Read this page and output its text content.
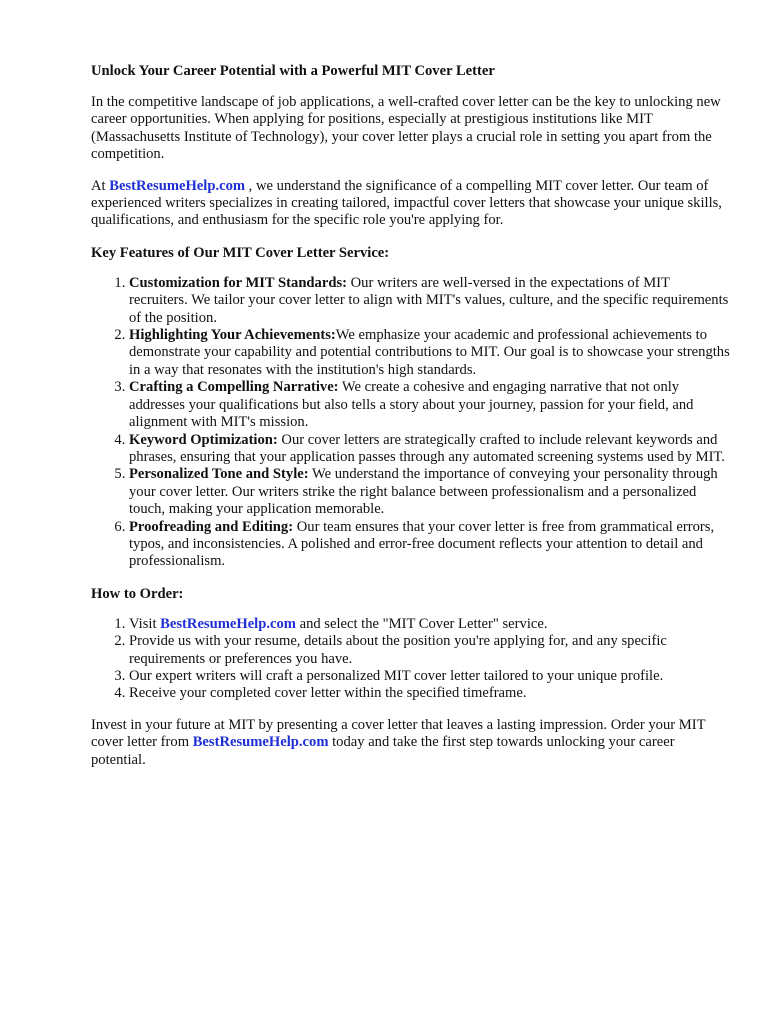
Unlock Your Career Potential with a Powerful MIT Cover Letter

In the competitive landscape of job applications, a well-crafted cover letter can be the key to unlocking new career opportunities. When applying for positions, especially at prestigious institutions like MIT (Massachusetts Institute of Technology), your cover letter plays a crucial role in setting you apart from the competition.

At BestResumeHelp.com , we understand the significance of a compelling MIT cover letter. Our team of experienced writers specializes in creating tailored, impactful cover letters that showcase your unique skills, qualifications, and enthusiasm for the specific role you're applying for.

Key Features of Our MIT Cover Letter Service:
1. Customization for MIT Standards: Our writers are well-versed in the expectations of MIT recruiters. We tailor your cover letter to align with MIT's values, culture, and the specific requirements of the position.
2. Highlighting Your Achievements:We emphasize your academic and professional achievements to demonstrate your capability and potential contributions to MIT. Our goal is to showcase your strengths in a way that resonates with the institution's high standards.
3. Crafting a Compelling Narrative: We create a cohesive and engaging narrative that not only addresses your qualifications but also tells a story about your journey, passion for your field, and alignment with MIT's mission.
4. Keyword Optimization: Our cover letters are strategically crafted to include relevant keywords and phrases, ensuring that your application passes through any automated screening systems used by MIT.
5. Personalized Tone and Style: We understand the importance of conveying your personality through your cover letter. Our writers strike the right balance between professionalism and a personalized touch, making your application memorable.
6. Proofreading and Editing: Our team ensures that your cover letter is free from grammatical errors, typos, and inconsistencies. A polished and error-free document reflects your attention to detail and professionalism.
How to Order:
1. Visit BestResumeHelp.com and select the "MIT Cover Letter" service.
2. Provide us with your resume, details about the position you're applying for, and any specific requirements or preferences you have.
3. Our expert writers will craft a personalized MIT cover letter tailored to your unique profile.
4. Receive your completed cover letter within the specified timeframe.

Invest in your future at MIT by presenting a cover letter that leaves a lasting impression. Order your MIT cover letter from BestResumeHelp.com today and take the first step towards unlocking your career potential.
